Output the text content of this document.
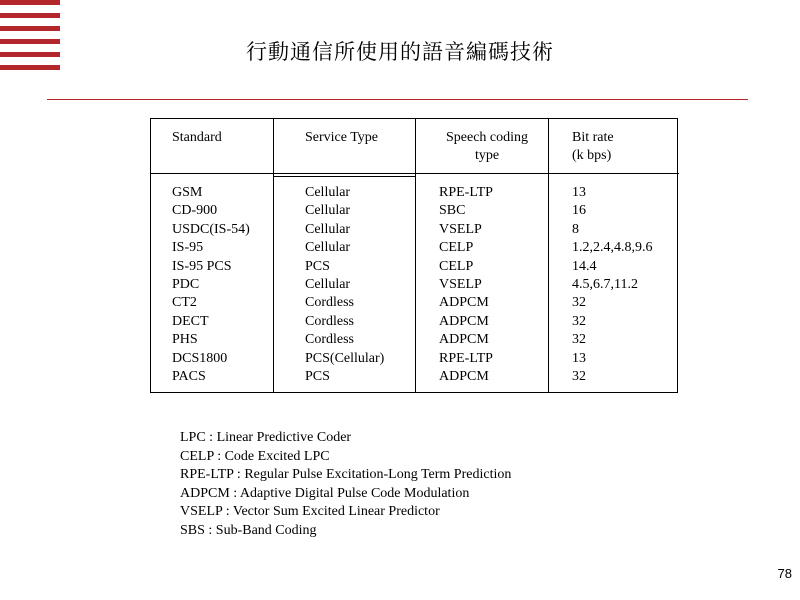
行動通信所使用的語音編碼技術
Standard	Service Type	Speech coding
type
Bit rate
(k bps)
GSM
CD-900
USDC(IS-54)
IS-95
IS-95 PCS
PDC
CT2
DECT
PHS
DCS1800
PACS
Cellular
Cellular
Cellular
Cellular
PCS
Cellular
Cordless
Cordless
Cordless
PCS(Cellular)
PCS
RPE-LTP
SBC
VSELP
CELP
CELP
VSELP
ADPCM
ADPCM
ADPCM
RPE-LTP
ADPCM
13
16
8
1.2,2.4,4.8,9.6
14.4
4.5,6.7,11.2
32
32
32
13
32
LPC : Linear Predictive Coder
CELP : Code Excited LPC
RPE-LTP : Regular Pulse Excitation-Long Term Prediction
ADPCM : Adaptive Digital Pulse Code Modulation
VSELP : Vector Sum Excited Linear Predictor
SBS : Sub-Band Coding
78
